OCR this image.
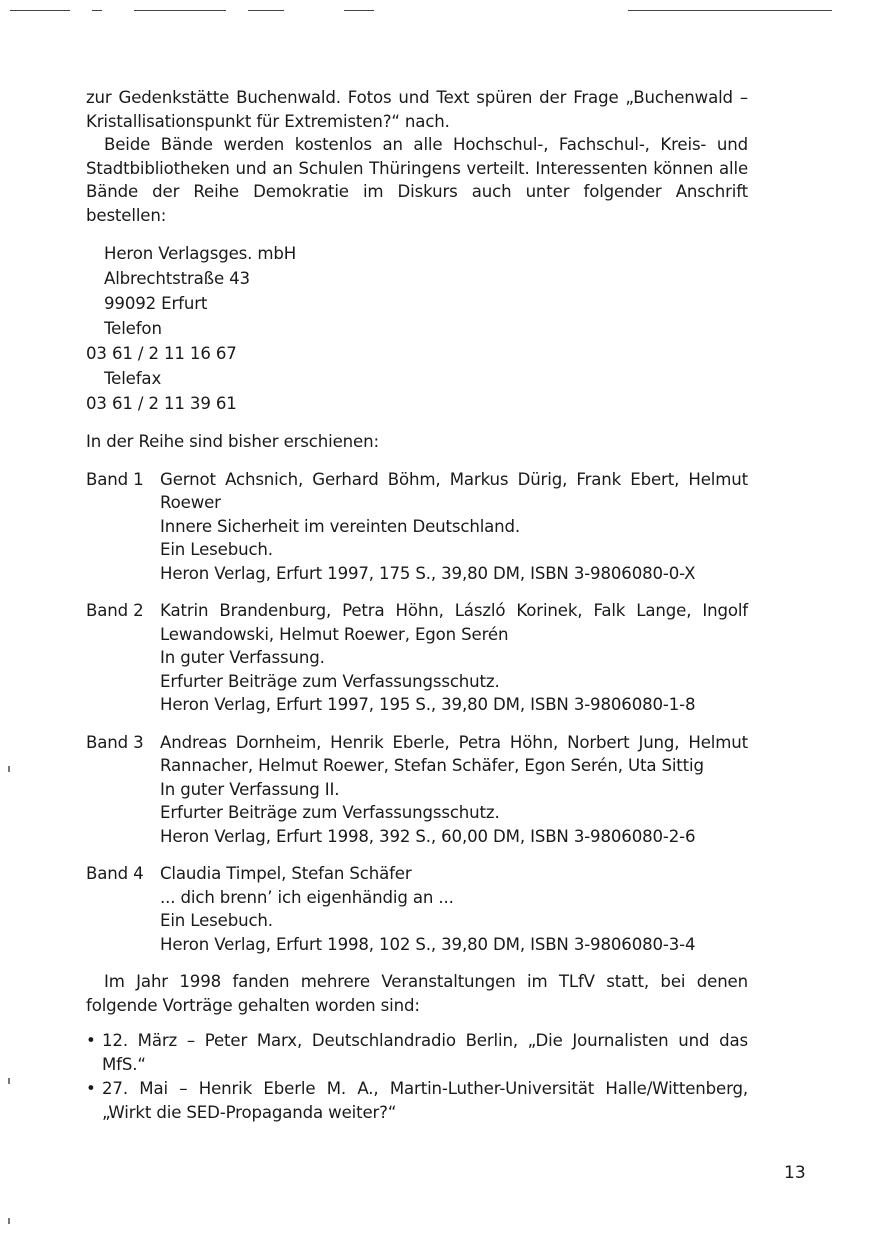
zur Gedenkstätte Buchenwald. Fotos und Text spüren der Frage „Buchenwald – Kristallisationspunkt für Extremisten?“ nach.

Beide Bände werden kostenlos an alle Hochschul-, Fachschul-, Kreis- und Stadtbibliotheken und an Schulen Thüringens verteilt. Interessenten können alle Bände der Reihe Demokratie im Diskurs auch unter folgender Anschrift bestellen:

Heron Verlagsges. mbH
Albrechtstraße 43
99092 Erfurt
Telefon
03 61 / 2 11 16 67
Telefax
03 61 / 2 11 39 61

In der Reihe sind bisher erschienen:

Band 1 Gernot Achsnich, Gerhard Böhm, Markus Dürig, Frank Ebert, Helmut Roewer
Innere Sicherheit im vereinten Deutschland.
Ein Lesebuch.
Heron Verlag, Erfurt 1997, 175 S., 39,80 DM, ISBN 3-9806080-0-X
Band 2 Katrin Brandenburg, Petra Höhn, László Korinek, Falk Lange, Ingolf Lewandowski, Helmut Roewer, Egon Serén
In guter Verfassung.
Erfurter Beiträge zum Verfassungsschutz.
Heron Verlag, Erfurt 1997, 195 S., 39,80 DM, ISBN 3-9806080-1-8
Band 3 Andreas Dornheim, Henrik Eberle, Petra Höhn, Norbert Jung, Helmut Rannacher, Helmut Roewer, Stefan Schäfer, Egon Serén, Uta Sittig
In guter Verfassung II.
Erfurter Beiträge zum Verfassungsschutz.
Heron Verlag, Erfurt 1998, 392 S., 60,00 DM, ISBN 3-9806080-2-6
Band 4 Claudia Timpel, Stefan Schäfer
... dich brenn’ ich eigenhändig an ...
Ein Lesebuch.
Heron Verlag, Erfurt 1998, 102 S., 39,80 DM, ISBN 3-9806080-3-4

Im Jahr 1998 fanden mehrere Veranstaltungen im TLfV statt, bei denen folgende Vorträge gehalten worden sind:

• 12. März – Peter Marx, Deutschlandradio Berlin, „Die Journalisten und das MfS.“
• 27. Mai – Henrik Eberle M. A., Martin-Luther-Universität Halle/Wittenberg, „Wirkt die SED-Propaganda weiter?“
13
